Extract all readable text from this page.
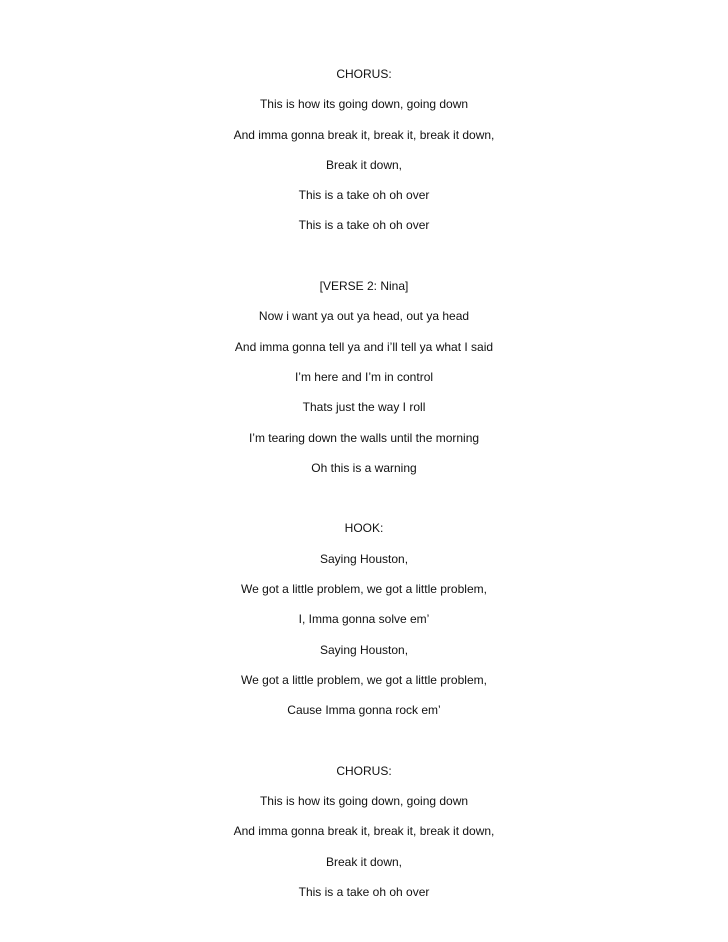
CHORUS:
This is how its going down, going down
And imma gonna break it, break it, break it down,
Break it down,
This is a take oh oh over
This is a take oh oh over
[VERSE 2: Nina]
Now i want ya out ya head, out ya head
And imma gonna tell ya and i’ll tell ya what I said
I’m here and I’m in control
Thats just the way I roll
I’m tearing down the walls until the morning
Oh this is a warning
HOOK:
Saying Houston,
We got a little problem, we got a little problem,
I, Imma gonna solve em’
Saying Houston,
We got a little problem, we got a little problem,
Cause Imma gonna rock em’
CHORUS:
This is how its going down, going down
And imma gonna break it, break it, break it down,
Break it down,
This is a take oh oh over
